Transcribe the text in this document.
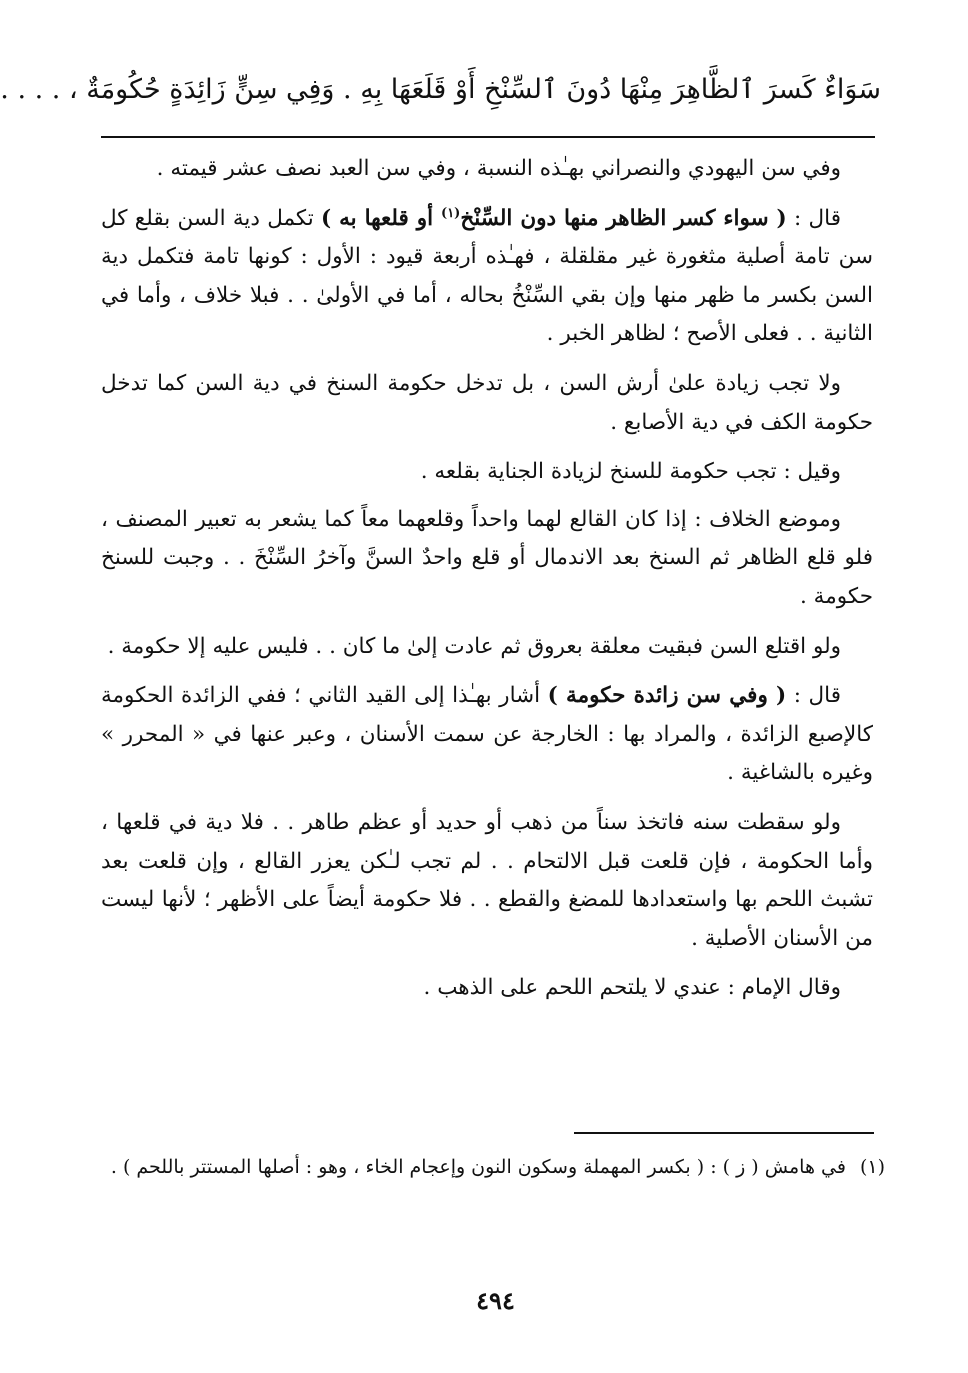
سَوَاءٌ كَسرَ ٱلظَّاهِرَ مِنْهَا دُونَ ٱلسِّنْخِ أَوْ قَلَعَهَا بِهِ . وَفِي سِنٍّ زَائِدَةٍ حُكُومَةٌ ، . . . .

وفي سن اليهودي والنصراني بهـٰذه النسبة ، وفي سن العبد نصف عشر قيمته .

قال : ( سواء كسر الظاهر منها دون السِّنْخ$^{(١)}$ أو قلعها به ) تكمل دية السن بقلع كل سن تامة أصلية مثغورة غير مقلقلة ، فهـٰذه أربعة قيود : الأول : كونها تامة فتكمل دية السن بكسر ما ظهر منها وإن بقي السِّنْخُ بحاله ، أما في الأولىٰ . . فبلا خلاف ، وأما في الثانية . . فعلى الأصح ؛ لظاهر الخبر .

ولا تجب زيادة علىٰ أرش السن ، بل تدخل حكومة السنخ في دية السن كما تدخل حكومة الكف في دية الأصابع .

وقيل : تجب حكومة للسنخ لزيادة الجناية بقلعه .

وموضع الخلاف : إذا كان القالع لهما واحداً وقلعهما معاً كما يشعر به تعبير المصنف ، فلو قلع الظاهر ثم السنخ بعد الاندمال أو قلع واحدٌ السنَّ وآخرُ السِّنْخَ . . وجبت للسنخ حكومة .

ولو اقتلع السن فبقيت معلقة بعروق ثم عادت إلىٰ ما كان . . فليس عليه إلا حكومة .

قال : ( وفي سن زائدة حكومة ) أشار بهـٰذا إلى القيد الثاني ؛ ففي الزائدة الحكومة كالإصبع الزائدة ، والمراد بها : الخارجة عن سمت الأسنان ، وعبر عنها في « المحرر » وغيره بالشاغية .

ولو سقطت سنه فاتخذ سناً من ذهب أو حديد أو عظم طاهر . . فلا دية في قلعها ، وأما الحكومة ، فإن قلعت قبل الالتحام . . لم تجب لـٰكن يعزر القالع ، وإن قلعت بعد تشبث اللحم بها واستعدادها للمضغ والقطع . . فلا حكومة أيضاً على الأظهر ؛ لأنها ليست من الأسنان الأصلية .

وقال الإمام : عندي لا يلتحم اللحم على الذهب .

(١)في هامش ( ز ) : ( بكسر المهملة وسكون النون وإعجام الخاء ، وهو : أصلها المستتر باللحم ) .
٤٩٤
